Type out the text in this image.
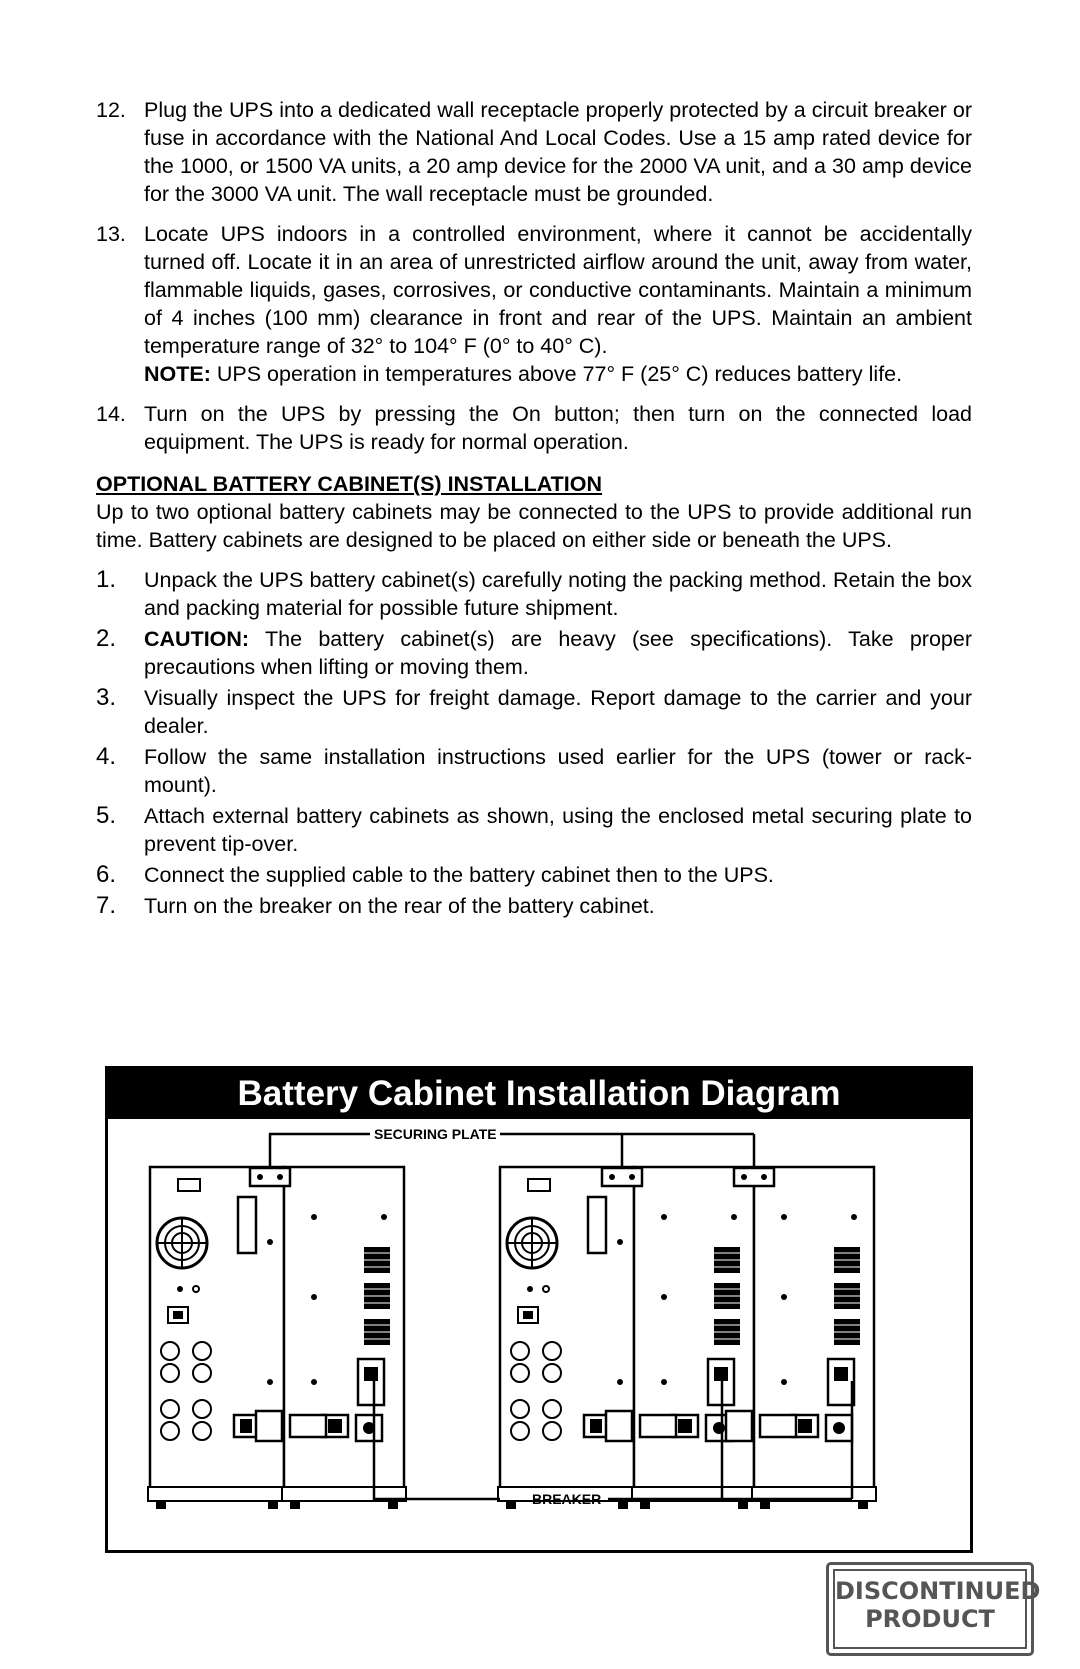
12. Plug the UPS into a dedicated wall receptacle properly protected by a circuit breaker or fuse in accordance with the National And Local Codes. Use a 15 amp rated device for the 1000, or 1500 VA units, a 20 amp device for the 2000 VA unit, and a 30 amp device for the 3000 VA unit. The wall receptacle must be grounded.

13. Locate UPS indoors in a controlled environment, where it cannot be accidentally turned off. Locate it in an area of unrestricted airflow around the unit, away from water, flammable liquids, gases, corrosives, or conductive contaminants. Maintain a minimum of 4 inches (100 mm) clearance in front and rear of the UPS. Maintain an ambient temperature range of 32° to 104° F (0° to 40° C).

NOTE: UPS operation in temperatures above 77° F (25° C) reduces battery life.

14. Turn on the UPS by pressing the On button; then turn on the connected load equipment. The UPS is ready for normal operation.

OPTIONAL BATTERY CABINET(S) INSTALLATION

Up to two optional battery cabinets may be connected to the UPS to provide additional run time. Battery cabinets are designed to be placed on either side or beneath the UPS.

1. Unpack the UPS battery cabinet(s) carefully noting the packing method. Retain the box and packing material for possible future shipment.

2. CAUTION: The battery cabinet(s) are heavy (see specifications). Take proper precautions when lifting or moving them.

3. Visually inspect the UPS for freight damage. Report damage to the carrier and your dealer.

4. Follow the same installation instructions used earlier for the UPS (tower or rack-mount).

5. Attach external battery cabinets as shown, using the enclosed metal securing plate to prevent tip-over.

6. Connect the supplied cable to the battery cabinet then to the UPS.

7. Turn on the breaker on the rear of the battery cabinet.

Battery Cabinet Installation Diagram
SECURING PLATE
BREAKER
DISCONTINUED
PRODUCT
